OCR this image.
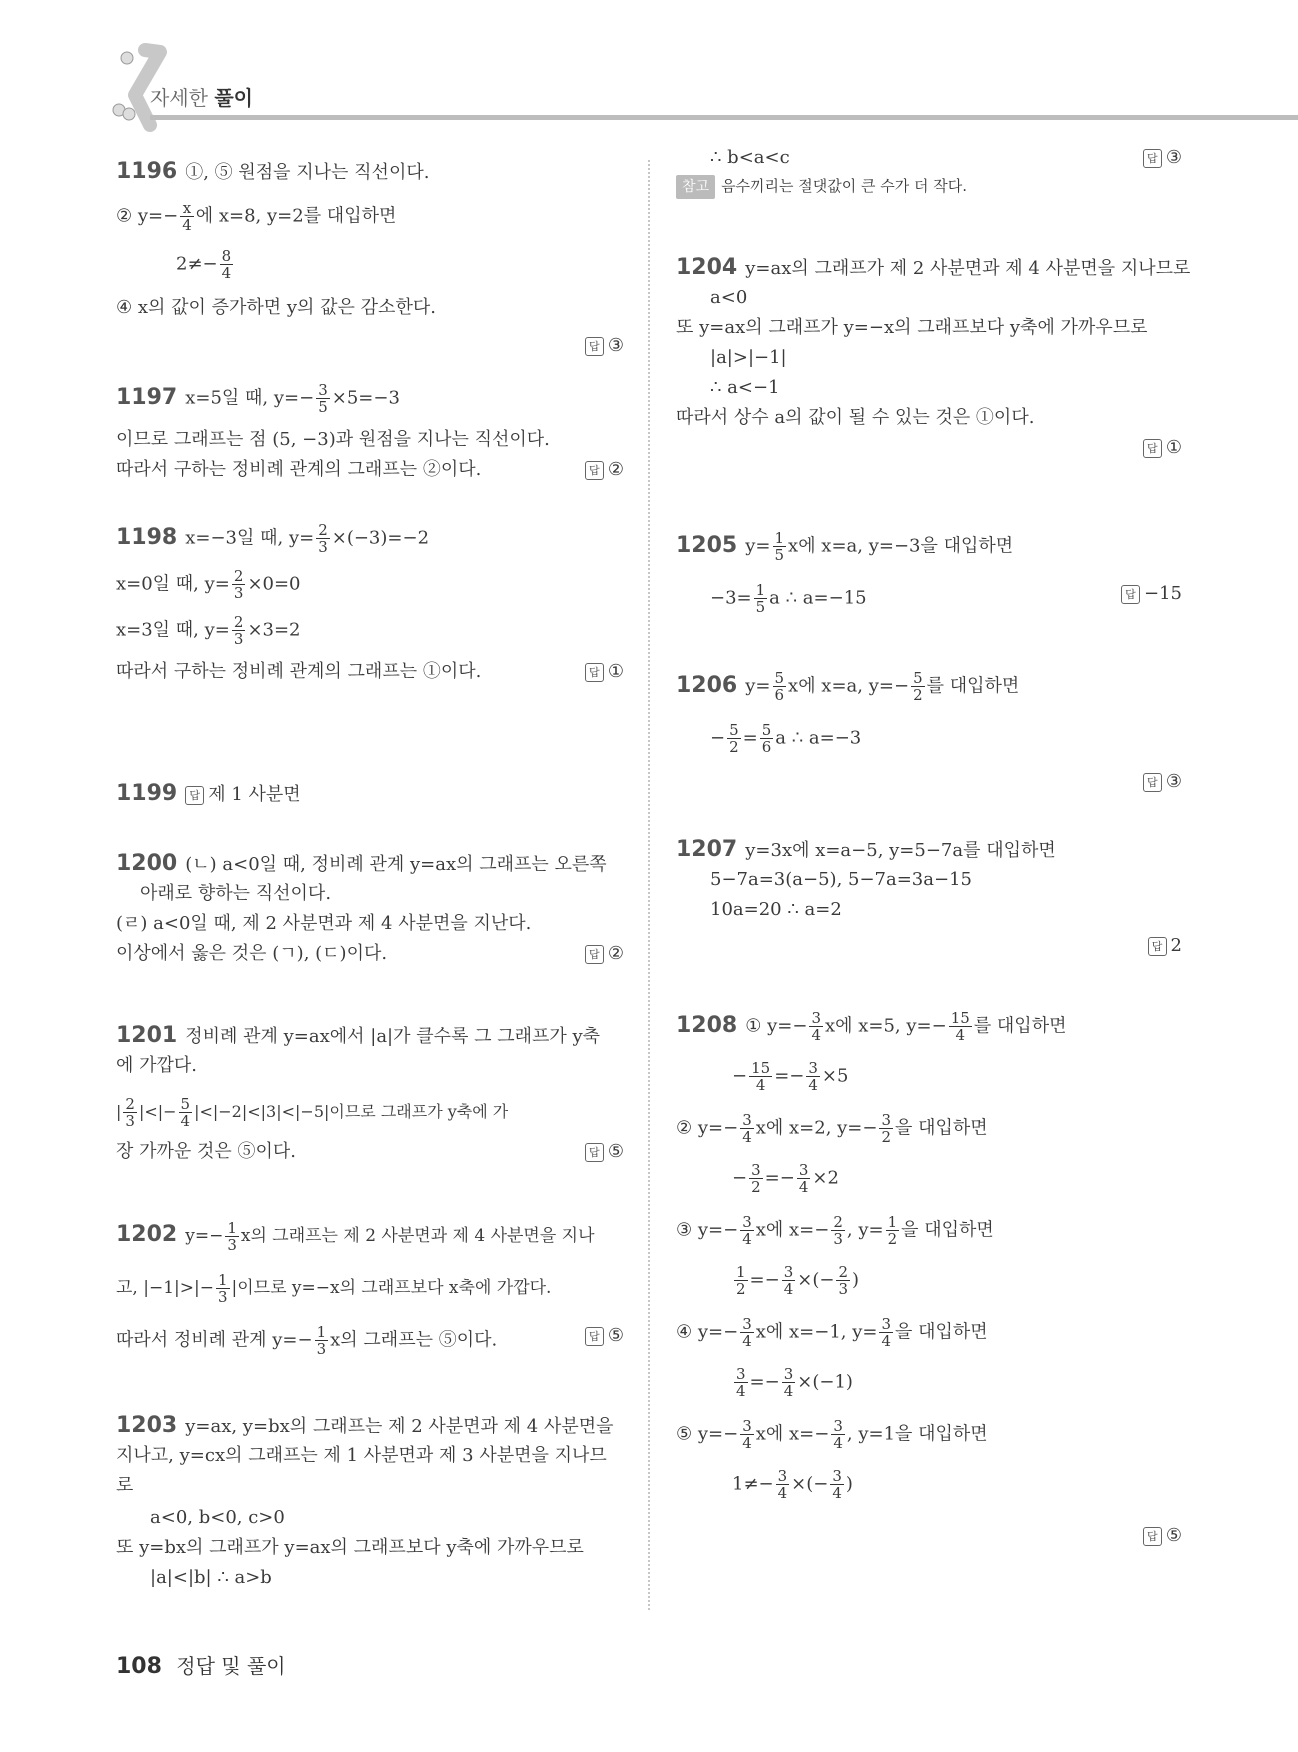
자세한 풀이
1196 ①, ⑤ 원점을 지나는 직선이다.
② $y=- \frac{x}{4}$ 에 x=8, y=2를 대입하면
$2\ne- \frac{8}{4}$
④ x의 값이 증가하면 y의 값은 감소한다.
답 ③
1197 x=5일 때, $y=- \frac{3}{5} \times 5=-3$
이므로 그래프는 점 (5, −3)과 원점을 지나는 직선이다.
따라서 구하는 정비례 관계의 그래프는 ②이다.	답 ②
1198 x=−3일 때, $y= \frac{2}{3} \times(-3)=-2$
x=0일 때, $y= \frac{2}{3} \times 0=0$
x=3일 때, $y= \frac{2}{3} \times 3=2$
따라서 구하는 정비례 관계의 그래프는 ①이다.	답 ①
1199 답 제 1 사분면
1200 (ㄴ) a<0일 때, 정비례 관계 y=ax의 그래프는 오른쪽
아래로 향하는 직선이다.
(ㄹ) a<0일 때, 제 2 사분면과 제 4 사분면을 지난다.
이상에서 옳은 것은 (ㄱ), (ㄷ)이다.	답 ②
1201 정비례 관계 y=ax에서 |a|가 클수록 그 그래프가 y축
에 가깝다.
| $\frac{2}{3}$ |<|− $\frac{5}{4} |<|-2|<|3|<|-5|$이므로 그래프가 y축에 가
장 가까운 것은 ⑤이다.	답 ⑤
1202 $y=- \frac{1}{3}$ x의 그래프는 제 2 사분면과 제 4 사분면을 지나
고, $|-1|>|- \frac{1}{3}$ |이므로 y=−x의 그래프보다 x축에 가깝다.
따라서 정비례 관계 $y=- \frac{1}{3}$ x의 그래프는 ⑤이다.	답 ⑤
1203 y=ax, y=bx의 그래프는 제 2 사분면과 제 4 사분면을
지나고, y=cx의 그래프는 제 1 사분면과 제 3 사분면을 지나므
로
a<0, b<0, c>0
또 y=bx의 그래프가 y=ax의 그래프보다 y축에 가까우므로
|a|<|b| ∴ a>b
∴ b<a<c	답 ③
참고 음수끼리는 절댓값이 큰 수가 더 작다.
1204 y=ax의 그래프가 제 2 사분면과 제 4 사분면을 지나므로
a<0
또 y=ax의 그래프가 y=−x의 그래프보다 y축에 가까우므로
|a|>|−1|
∴ a<−1
따라서 상수 a의 값이 될 수 있는 것은 ①이다.
답 ①
1205 $y= \frac{1}{5}$ x에 x=a, y=−3을 대입하면
$-3= \frac{1}{5}$ a ∴ a=−15	답 −15
1206 $y= \frac{5}{6}$ x에 x=a, $y=- \frac{5}{2}$ 를 대입하면
− $\frac{5}{2} = \frac{5}{6}$ a ∴ a=−3
답 ③
1207 y=3x에 x=a−5, y=5−7a를 대입하면
5−7a=3(a−5), 5−7a=3a−15
10a=20 ∴ a=2
답 2
1208 ① $y=- \frac{3}{4}$ x에 x=5, $y=- \frac{15}{4}$ 를 대입하면
− $\frac{15}{4} =- \frac{3}{4} \times 5$
② $y=- \frac{3}{4}$ x에 x=2, $y=- \frac{3}{2}$ 을 대입하면
− $\frac{3}{2} =- \frac{3}{4} \times 2$
③ $y=- \frac{3}{4}$ x에 $x=- \frac{2}{3}$ , $y= \frac{1}{2}$ 을 대입하면
$\frac{1}{2} =- \frac{3}{4}$ ×(− $\frac{2}{3}$ )
④ $y=- \frac{3}{4}$ x에 x=−1, $y= \frac{3}{4}$ 을 대입하면
$\frac{3}{4} =- \frac{3}{4} \times(-1)$
⑤ $y=- \frac{3}{4}$ x에 $x=- \frac{3}{4}$ , y=1을 대입하면
$1\ne- \frac{3}{4}$ ×(− $\frac{3}{4}$ )
답 ⑤
108 정답 및 풀이
